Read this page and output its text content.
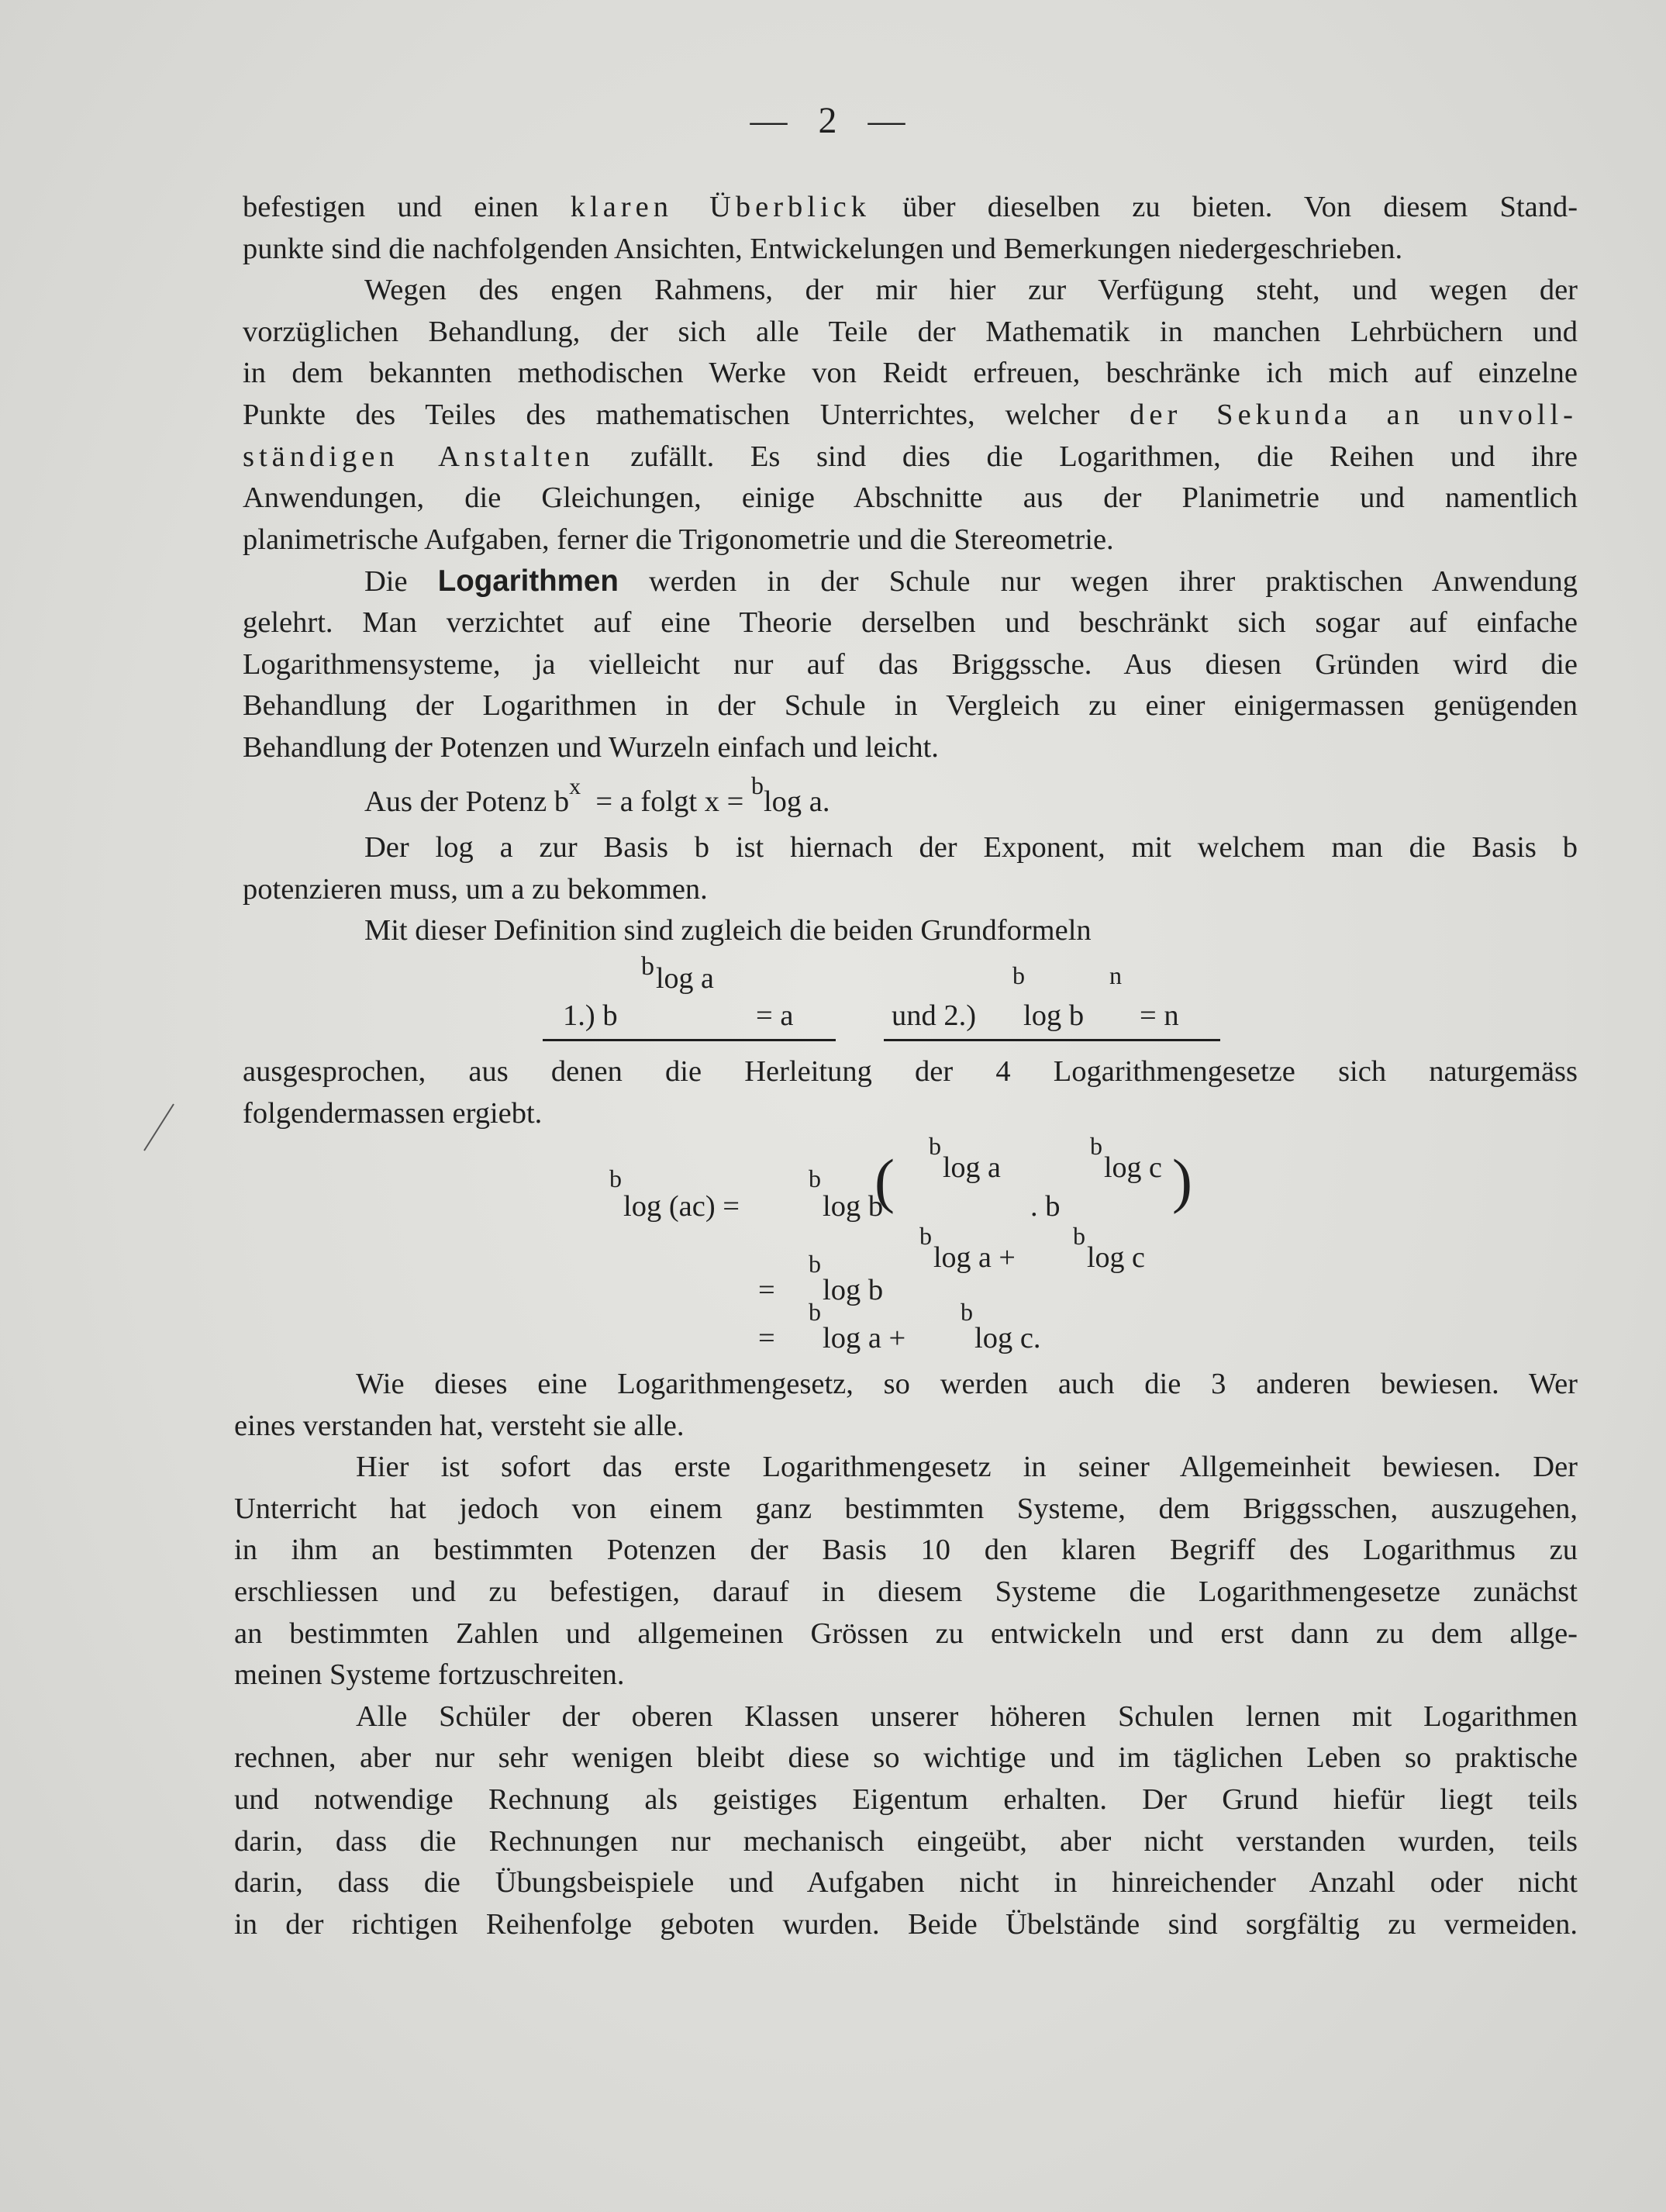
— 2 —
befestigen und einen klaren Überblick über dieselben zu bieten. Von diesem Stand-
punkte sind die nachfolgenden Ansichten, Entwickelungen und Bemerkungen niedergeschrieben.
Wegen des engen Rahmens, der mir hier zur Verfügung steht, und wegen der
vorzüglichen Behandlung, der sich alle Teile der Mathematik in manchen Lehrbüchern und
in dem bekannten methodischen Werke von Reidt erfreuen, beschränke ich mich auf einzelne
Punkte des Teiles des mathematischen Unterrichtes, welcher der Sekunda an unvoll-
ständigen Anstalten zufällt. Es sind dies die Logarithmen, die Reihen und ihre
Anwendungen, die Gleichungen, einige Abschnitte aus der Planimetrie und namentlich
planimetrische Aufgaben, ferner die Trigonometrie und die Stereometrie.
Die Logarithmen werden in der Schule nur wegen ihrer praktischen Anwendung
gelehrt. Man verzichtet auf eine Theorie derselben und beschränkt sich sogar auf einfache
Logarithmensysteme, ja vielleicht nur auf das Briggssche. Aus diesen Gründen wird die
Behandlung der Logarithmen in der Schule in Vergleich zu einer einigermassen genügenden
Behandlung der Potenzen und Wurzeln einfach und leicht.
Aus der Potenz $b^x = a$ folgt x = $^b$log a.
Der log a zur Basis b ist hiernach der Exponent, mit welchem man die Basis b
potenzieren muss, um a zu bekommen.
Mit dieser Definition sind zugleich die beiden Grundformeln
b log a
1.) b	= a
b	n
und 2.) log b = n
ausgesprochen, aus denen die Herleitung der 4 Logarithmengesetze sich naturgemäss
folgendermassen ergiebt.
b
log a
b
log c
b
log (ac) =
b
log b
(	. b )
b
log a +
b
log c
=
b
log b
=
b
log a +
b
log c.
Wie dieses eine Logarithmengesetz, so werden auch die 3 anderen bewiesen. Wer
eines verstanden hat, versteht sie alle.
Hier ist sofort das erste Logarithmengesetz in seiner Allgemeinheit bewiesen. Der
Unterricht hat jedoch von einem ganz bestimmten Systeme, dem Briggsschen, auszugehen,
in ihm an bestimmten Potenzen der Basis 10 den klaren Begriff des Logarithmus zu
erschliessen und zu befestigen, darauf in diesem Systeme die Logarithmengesetze zunächst
an bestimmten Zahlen und allgemeinen Grössen zu entwickeln und erst dann zu dem allge-
meinen Systeme fortzuschreiten.
Alle Schüler der oberen Klassen unserer höheren Schulen lernen mit Logarithmen
rechnen, aber nur sehr wenigen bleibt diese so wichtige und im täglichen Leben so praktische
und notwendige Rechnung als geistiges Eigentum erhalten. Der Grund hiefür liegt teils
darin, dass die Rechnungen nur mechanisch eingeübt, aber nicht verstanden wurden, teils
darin, dass die Übungsbeispiele und Aufgaben nicht in hinreichender Anzahl oder nicht
in der richtigen Reihenfolge geboten wurden. Beide Übelstände sind sorgfältig zu vermeiden.
